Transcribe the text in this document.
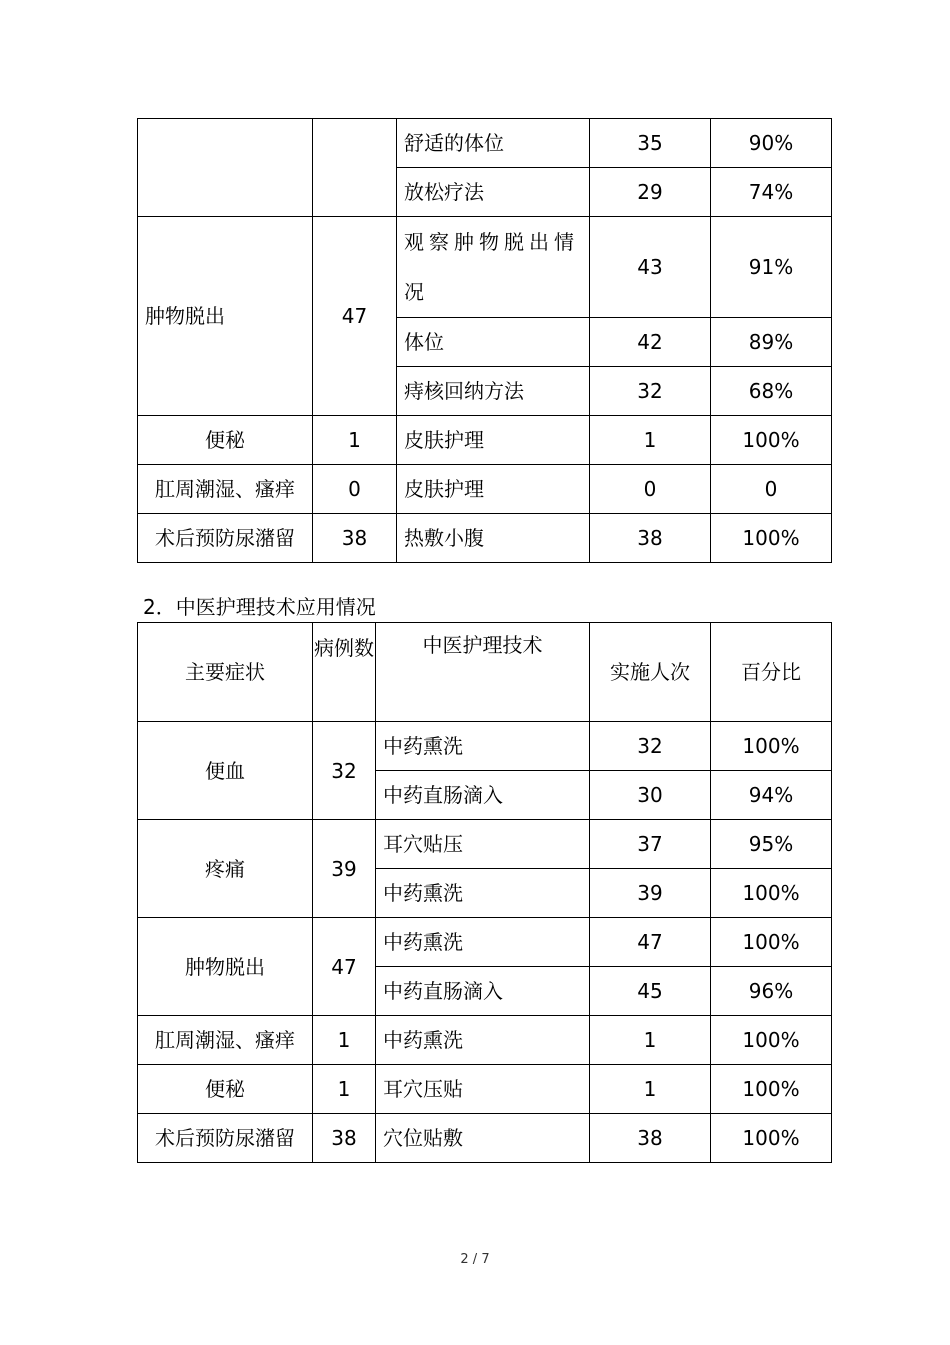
		舒适的体位	35	90%
		放松疗法	29	74%
肿物脱出	47	观察肿物脱出情况	43	91%
		体位	42	89%
		痔核回纳方法	32	68%
便秘	1	皮肤护理	1	100%
肛周潮湿、瘙痒	0	皮肤护理	0	0
术后预防尿潴留	38	热敷小腹	38	100%
2．中医护理技术应用情况
主要症状	病例数	中医护理技术	实施人次	百分比
便血	32	中药熏洗	32	100%
		中药直肠滴入	30	94%
疼痛	39	耳穴贴压	37	95%
		中药熏洗	39	100%
肿物脱出	47	中药熏洗	47	100%
		中药直肠滴入	45	96%
肛周潮湿、瘙痒	1	中药熏洗	1	100%
便秘	1	耳穴压贴	1	100%
术后预防尿潴留	38	穴位贴敷	38	100%
2 / 7
